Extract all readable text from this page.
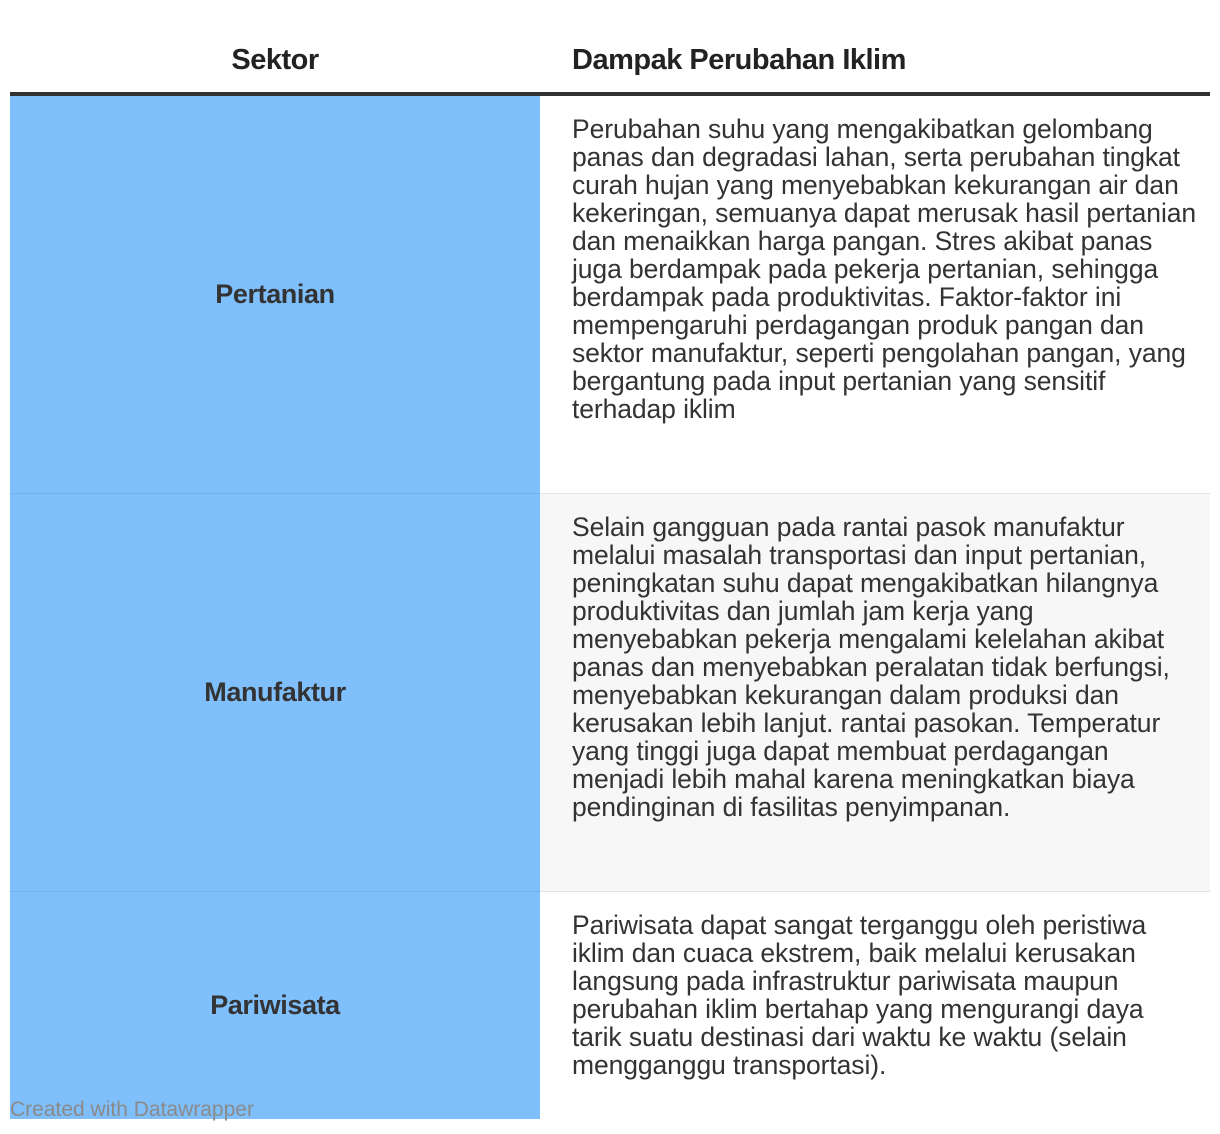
Sektor	Dampak Perubahan Iklim
Pertanian	Perubahan suhu yang mengakibatkan gelombang panas dan degradasi lahan, serta perubahan tingkat curah hujan yang menyebabkan kekurangan air dan kekeringan, semuanya dapat merusak hasil pertanian dan menaikkan harga pangan. Stres akibat panas juga berdampak pada pekerja pertanian, sehingga berdampak pada produktivitas. Faktor-faktor ini mempengaruhi perdagangan produk pangan dan sektor manufaktur, seperti pengolahan pangan, yang bergantung pada input pertanian yang sensitif terhadap iklim
Manufaktur	Selain gangguan pada rantai pasok manufaktur melalui masalah transportasi dan input pertanian, peningkatan suhu dapat mengakibatkan hilangnya produktivitas dan jumlah jam kerja yang menyebabkan pekerja mengalami kelelahan akibat panas dan menyebabkan peralatan tidak berfungsi, menyebabkan kekurangan dalam produksi dan kerusakan lebih lanjut. rantai pasokan. Temperatur yang tinggi juga dapat membuat perdagangan menjadi lebih mahal karena meningkatkan biaya pendinginan di fasilitas penyimpanan.
Pariwisata	Pariwisata dapat sangat terganggu oleh peristiwa iklim dan cuaca ekstrem, baik melalui kerusakan langsung pada infrastruktur pariwisata maupun perubahan iklim bertahap yang mengurangi daya tarik suatu destinasi dari waktu ke waktu (selain mengganggu transportasi).
Created with Datawrapper
